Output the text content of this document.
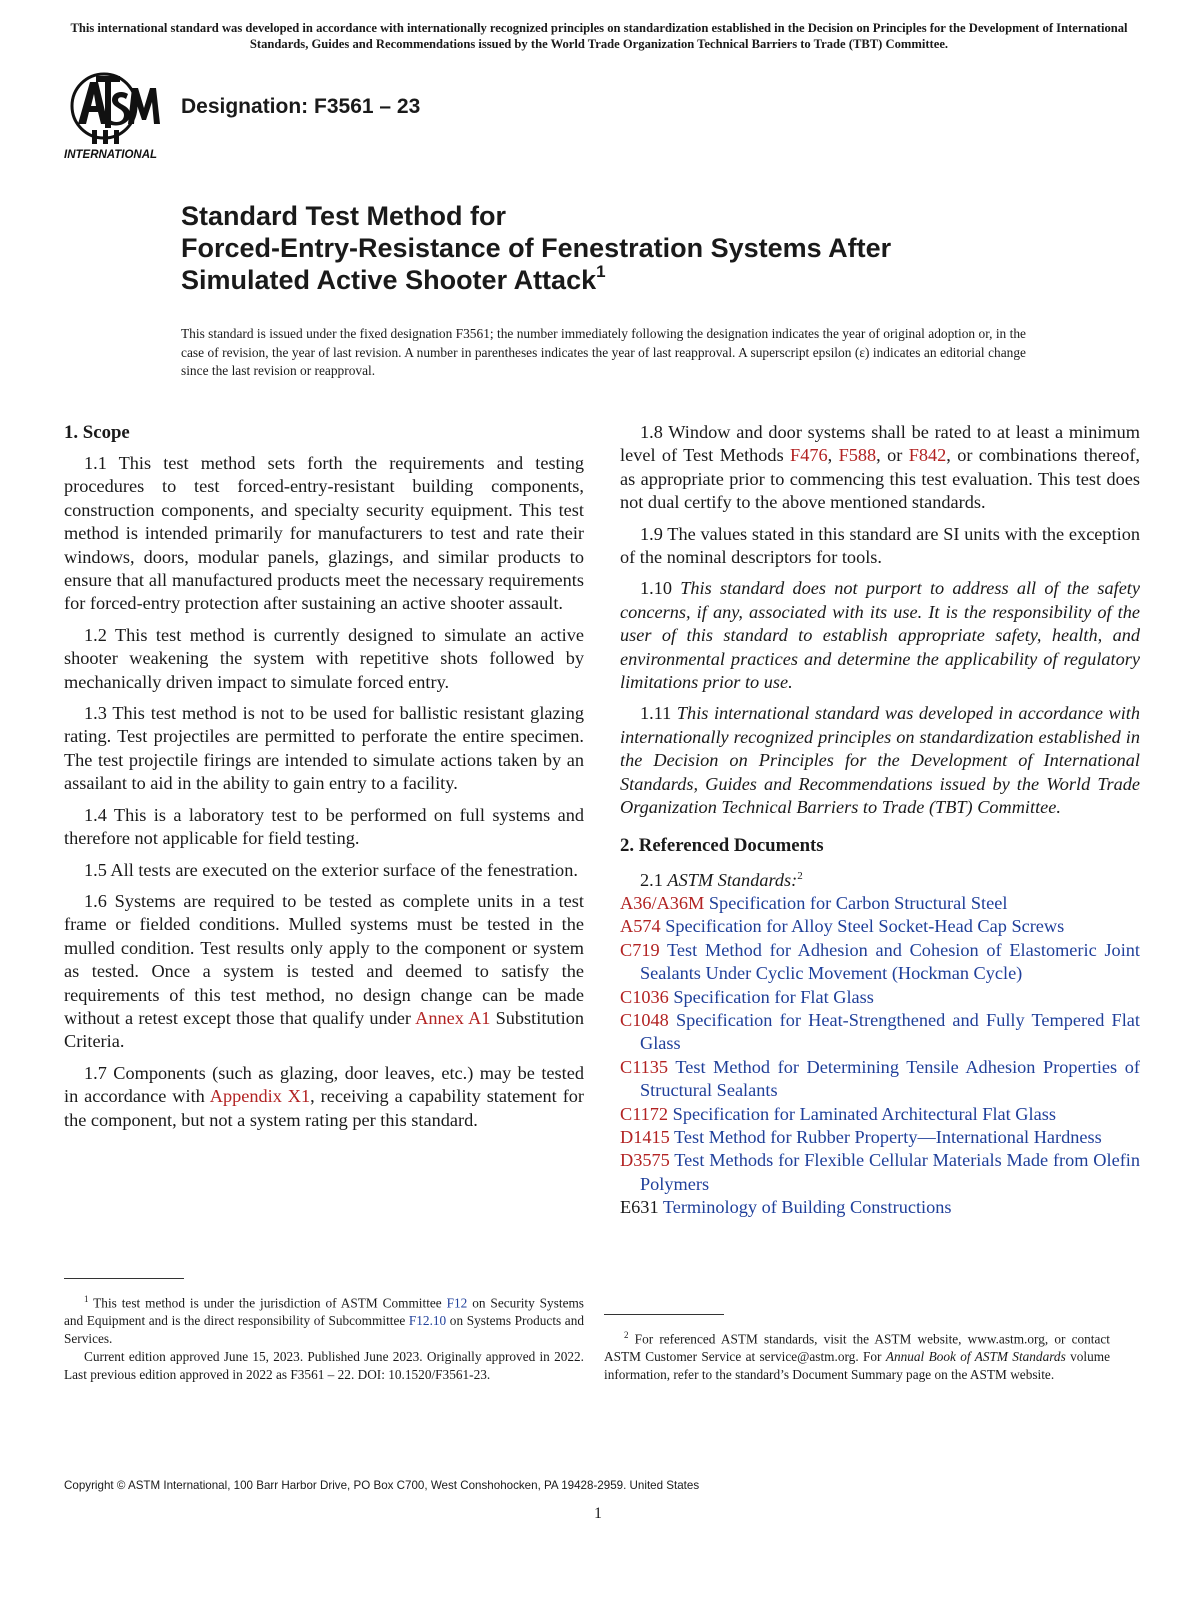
This international standard was developed in accordance with internationally recognized principles on standardization established in the Decision on Principles for the Development of International Standards, Guides and Recommendations issued by the World Trade Organization Technical Barriers to Trade (TBT) Committee.
INTERNATIONAL
Designation: F3561 – 23
Standard Test Method for
Forced-Entry-Resistance of Fenestration Systems After
Simulated Active Shooter Attack$^1$

This standard is issued under the fixed designation F3561; the number immediately following the designation indicates the year of original adoption or, in the case of revision, the year of last revision. A number in parentheses indicates the year of last reapproval. A superscript epsilon (ε) indicates an editorial change since the last revision or reapproval.

1. Scope

1.1 This test method sets forth the requirements and testing procedures to test forced-entry-resistant building components, construction components, and specialty security equipment. This test method is intended primarily for manufacturers to test and rate their windows, doors, modular panels, glazings, and similar products to ensure that all manufactured products meet the necessary requirements for forced-entry protection after sustaining an active shooter assault.

1.2 This test method is currently designed to simulate an active shooter weakening the system with repetitive shots followed by mechanically driven impact to simulate forced entry.

1.3 This test method is not to be used for ballistic resistant glazing rating. Test projectiles are permitted to perforate the entire specimen. The test projectile firings are intended to simulate actions taken by an assailant to aid in the ability to gain entry to a facility.

1.4 This is a laboratory test to be performed on full systems and therefore not applicable for field testing.

1.5 All tests are executed on the exterior surface of the fenestration.

1.6 Systems are required to be tested as complete units in a test frame or fielded conditions. Mulled systems must be tested in the mulled condition. Test results only apply to the component or system as tested. Once a system is tested and deemed to satisfy the requirements of this test method, no design change can be made without a retest except those that qualify under Annex A1 Substitution Criteria.

1.7 Components (such as glazing, door leaves, etc.) may be tested in accordance with Appendix X1, receiving a capability statement for the component, but not a system rating per this standard.

1.8 Window and door systems shall be rated to at least a minimum level of Test Methods F476, F588, or F842, or combinations thereof, as appropriate prior to commencing this test evaluation. This test does not dual certify to the above mentioned standards.

1.9 The values stated in this standard are SI units with the exception of the nominal descriptors for tools.

1.10 This standard does not purport to address all of the safety concerns, if any, associated with its use. It is the responsibility of the user of this standard to establish appropriate safety, health, and environmental practices and determine the applicability of regulatory limitations prior to use.

1.11 This international standard was developed in accordance with internationally recognized principles on standardization established in the Decision on Principles for the Development of International Standards, Guides and Recommendations issued by the World Trade Organization Technical Barriers to Trade (TBT) Committee.

2. Referenced Documents

2.1 ASTM Standards:$^2$

A36/A36M Specification for Carbon Structural Steel
A574 Specification for Alloy Steel Socket-Head Cap Screws
C719 Test Method for Adhesion and Cohesion of Elastomeric Joint Sealants Under Cyclic Movement (Hockman Cycle)
C1036 Specification for Flat Glass
C1048 Specification for Heat-Strengthened and Fully Tempered Flat Glass
C1135 Test Method for Determining Tensile Adhesion Properties of Structural Sealants
C1172 Specification for Laminated Architectural Flat Glass
D1415 Test Method for Rubber Property—International Hardness
D3575 Test Methods for Flexible Cellular Materials Made from Olefin Polymers
E631 Terminology of Building Constructions

$^1$ This test method is under the jurisdiction of ASTM Committee F12 on Security Systems and Equipment and is the direct responsibility of Subcommittee F12.10 on Systems Products and Services.

Current edition approved June 15, 2023. Published June 2023. Originally approved in 2022. Last previous edition approved in 2022 as F3561 – 22. DOI: 10.1520/F3561-23.

$^2$ For referenced ASTM standards, visit the ASTM website, www.astm.org, or contact ASTM Customer Service at service@astm.org. For Annual Book of ASTM Standards volume information, refer to the standard’s Document Summary page on the ASTM website.

Copyright © ASTM International, 100 Barr Harbor Drive, PO Box C700, West Conshohocken, PA 19428-2959. United States
1
